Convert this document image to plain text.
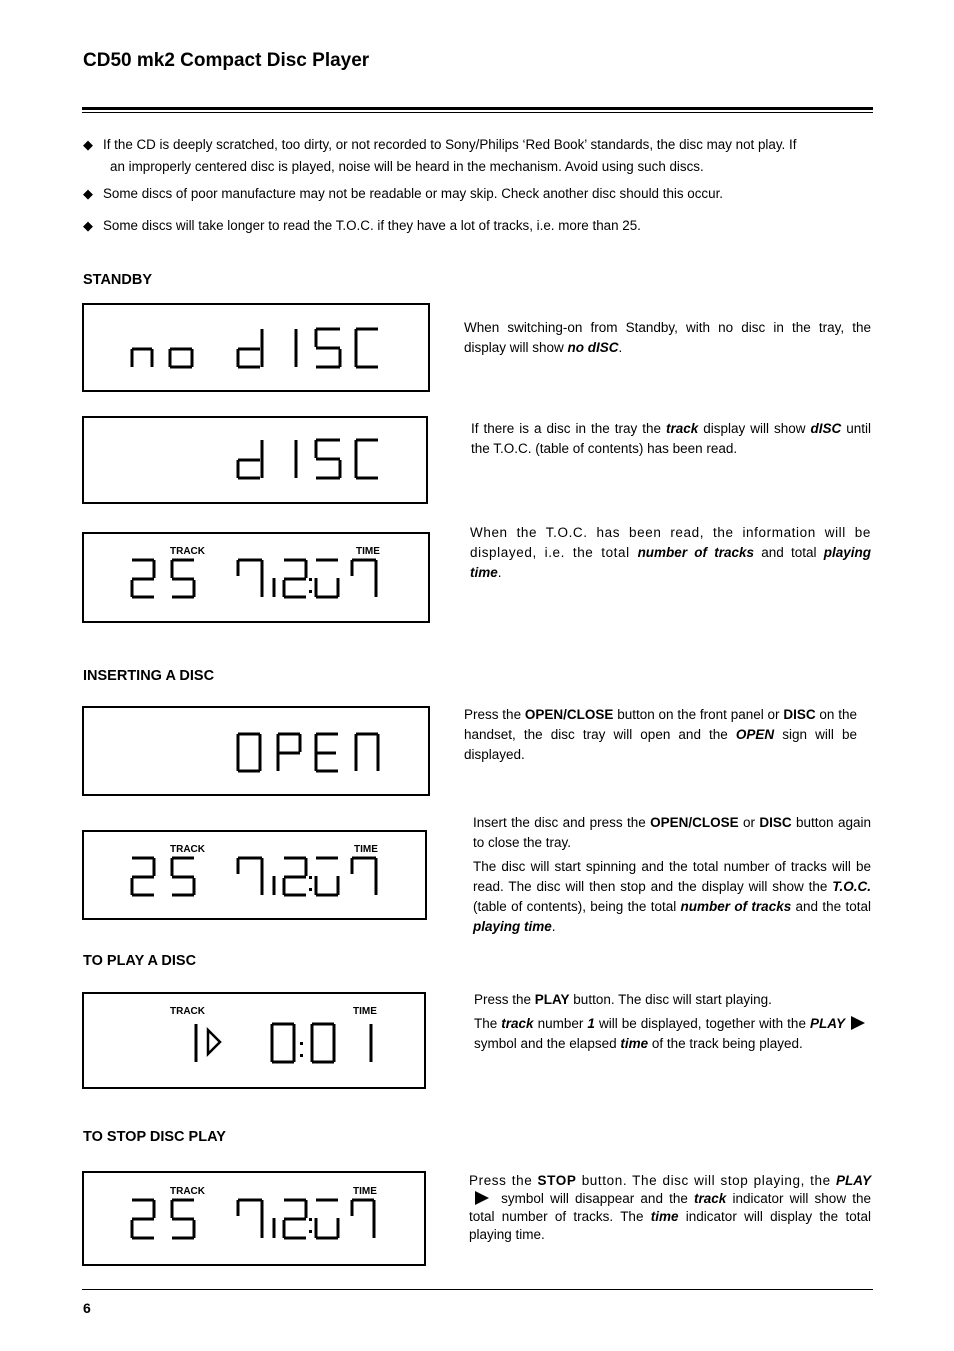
CD50 mk2 Compact Disc Player
◆ If the CD is deeply scratched, too dirty, or not recorded to Sony/Philips ‘Red Book’ standards, the disc may not play. If
an improperly centered disc is played, noise will be heard in the mechanism. Avoid using such discs.
◆ Some discs of poor manufacture may not be readable or may skip. Check another disc should this occur.
◆ Some discs will take longer to read the T.O.C. if they have a lot of tracks, i.e. more than 25.
STANDBY
When switching-on from Standby, with no disc in the tray, the display will show no dISC.
If there is a disc in the tray the track display will show dISC until the T.O.C. (table of contents) has been read.
TRACK	TIME
When the T.O.C. has been read, the information will be displayed, i.e. the total number of tracks and total playing time.
INSERTING A DISC
Press the OPEN/CLOSE button on the front panel or DISC on the handset, the disc tray will open and the OPEN sign will be displayed.
TRACK	TIME

Insert the disc and press the OPEN/CLOSE or DISC button again to close the tray.

The disc will start spinning and the total number of tracks will be read. The disc will then stop and the display will show the T.O.C. (table of contents), being the total number of tracks and the total playing time.

TO PLAY A DISC
TRACK	TIME

Press the PLAY button. The disc will start playing.

The track number 1 will be displayed, together with the PLAY symbol and the elapsed time of the track being played.

TO STOP DISC PLAY
TRACK	TIME
Press the STOP button. The disc will stop playing, the PLAY symbol will disappear and the track indicator will show the total number of tracks. The time indicator will display the total playing time.
6
